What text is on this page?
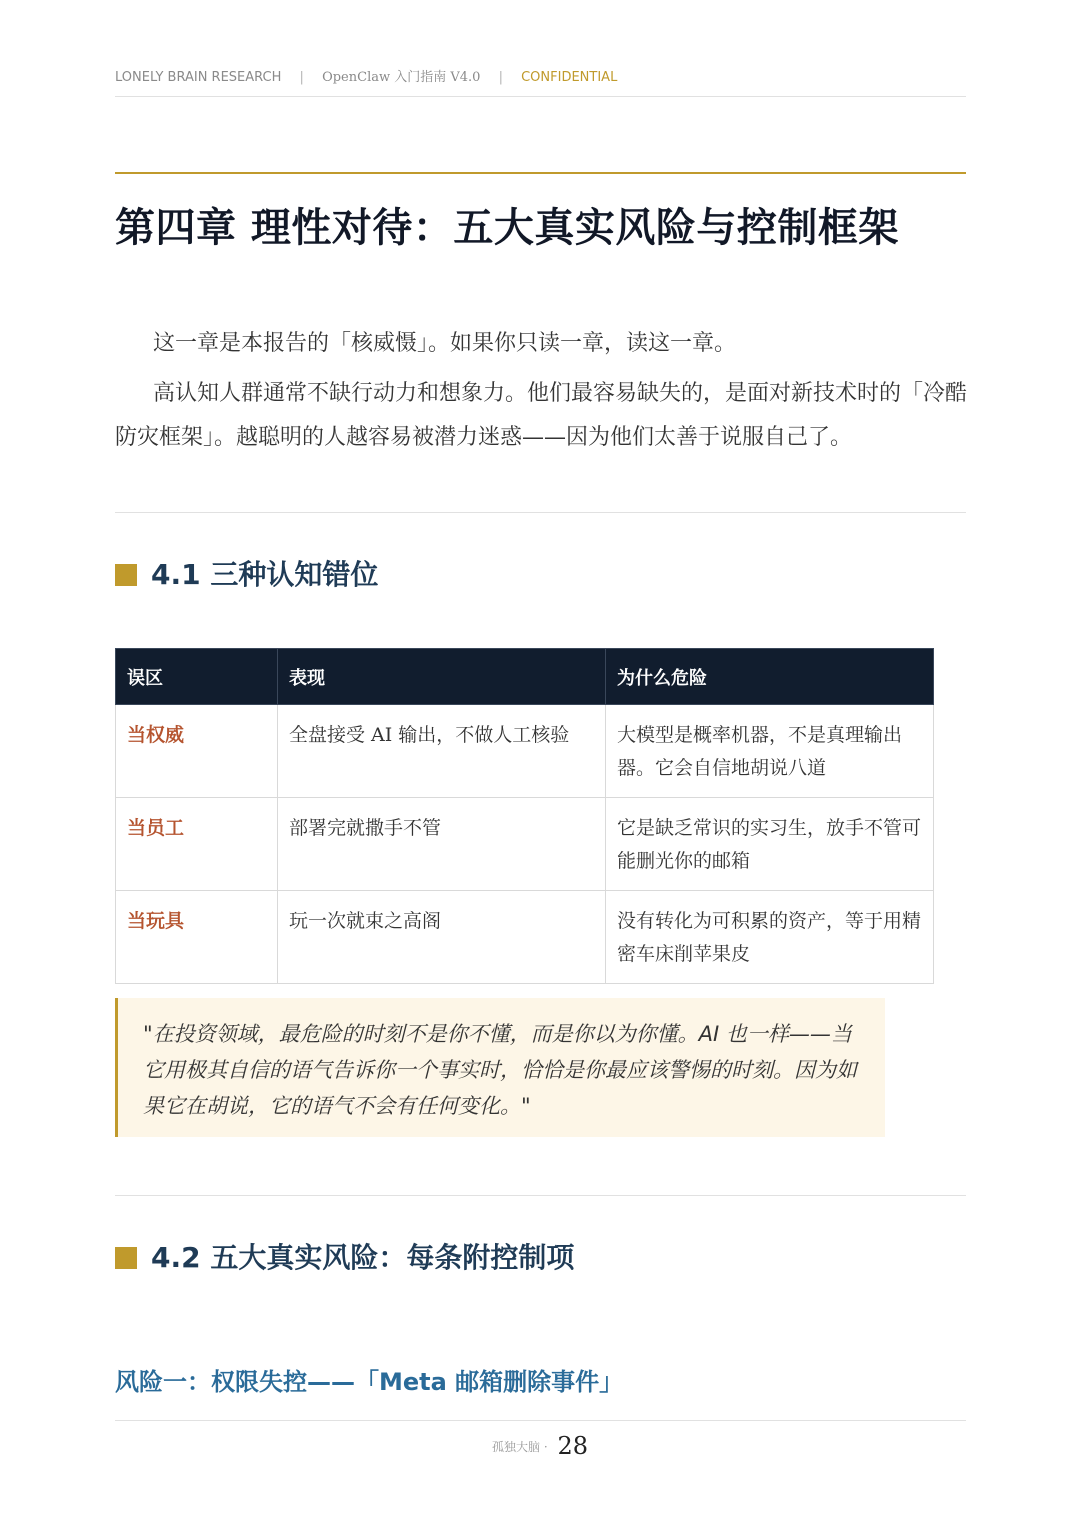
LONELY BRAIN RESEARCH | OpenClaw 入门指南 V4.0 | CONFIDENTIAL
第四章 理性对待：五大真实风险与控制框架

这一章是本报告的「核威慑」。如果你只读一章，读这一章。

高认知人群通常不缺行动力和想象力。他们最容易缺失的，是面对新技术时的「冷酷防灾框架」。越聪明的人越容易被潜力迷惑——因为他们太善于说服自己了。

4.1 三种认知错位
误区	表现	为什么危险
当权威	全盘接受 AI 输出，不做人工核验	大模型是概率机器，不是真理输出器。它会自信地胡说八道
当员工	部署完就撒手不管	它是缺乏常识的实习生，放手不管可能删光你的邮箱
当玩具	玩一次就束之高阁	没有转化为可积累的资产，等于用精密车床削苹果皮
"在投资领域，最危险的时刻不是你不懂，而是你以为你懂。AI 也一样——当它用极其自信的语气告诉你一个事实时，恰恰是你最应该警惕的时刻。因为如果它在胡说，它的语气不会有任何变化。"
4.2 五大真实风险：每条附控制项
风险一：权限失控——「Meta 邮箱删除事件」
孤独大脑 · 28
